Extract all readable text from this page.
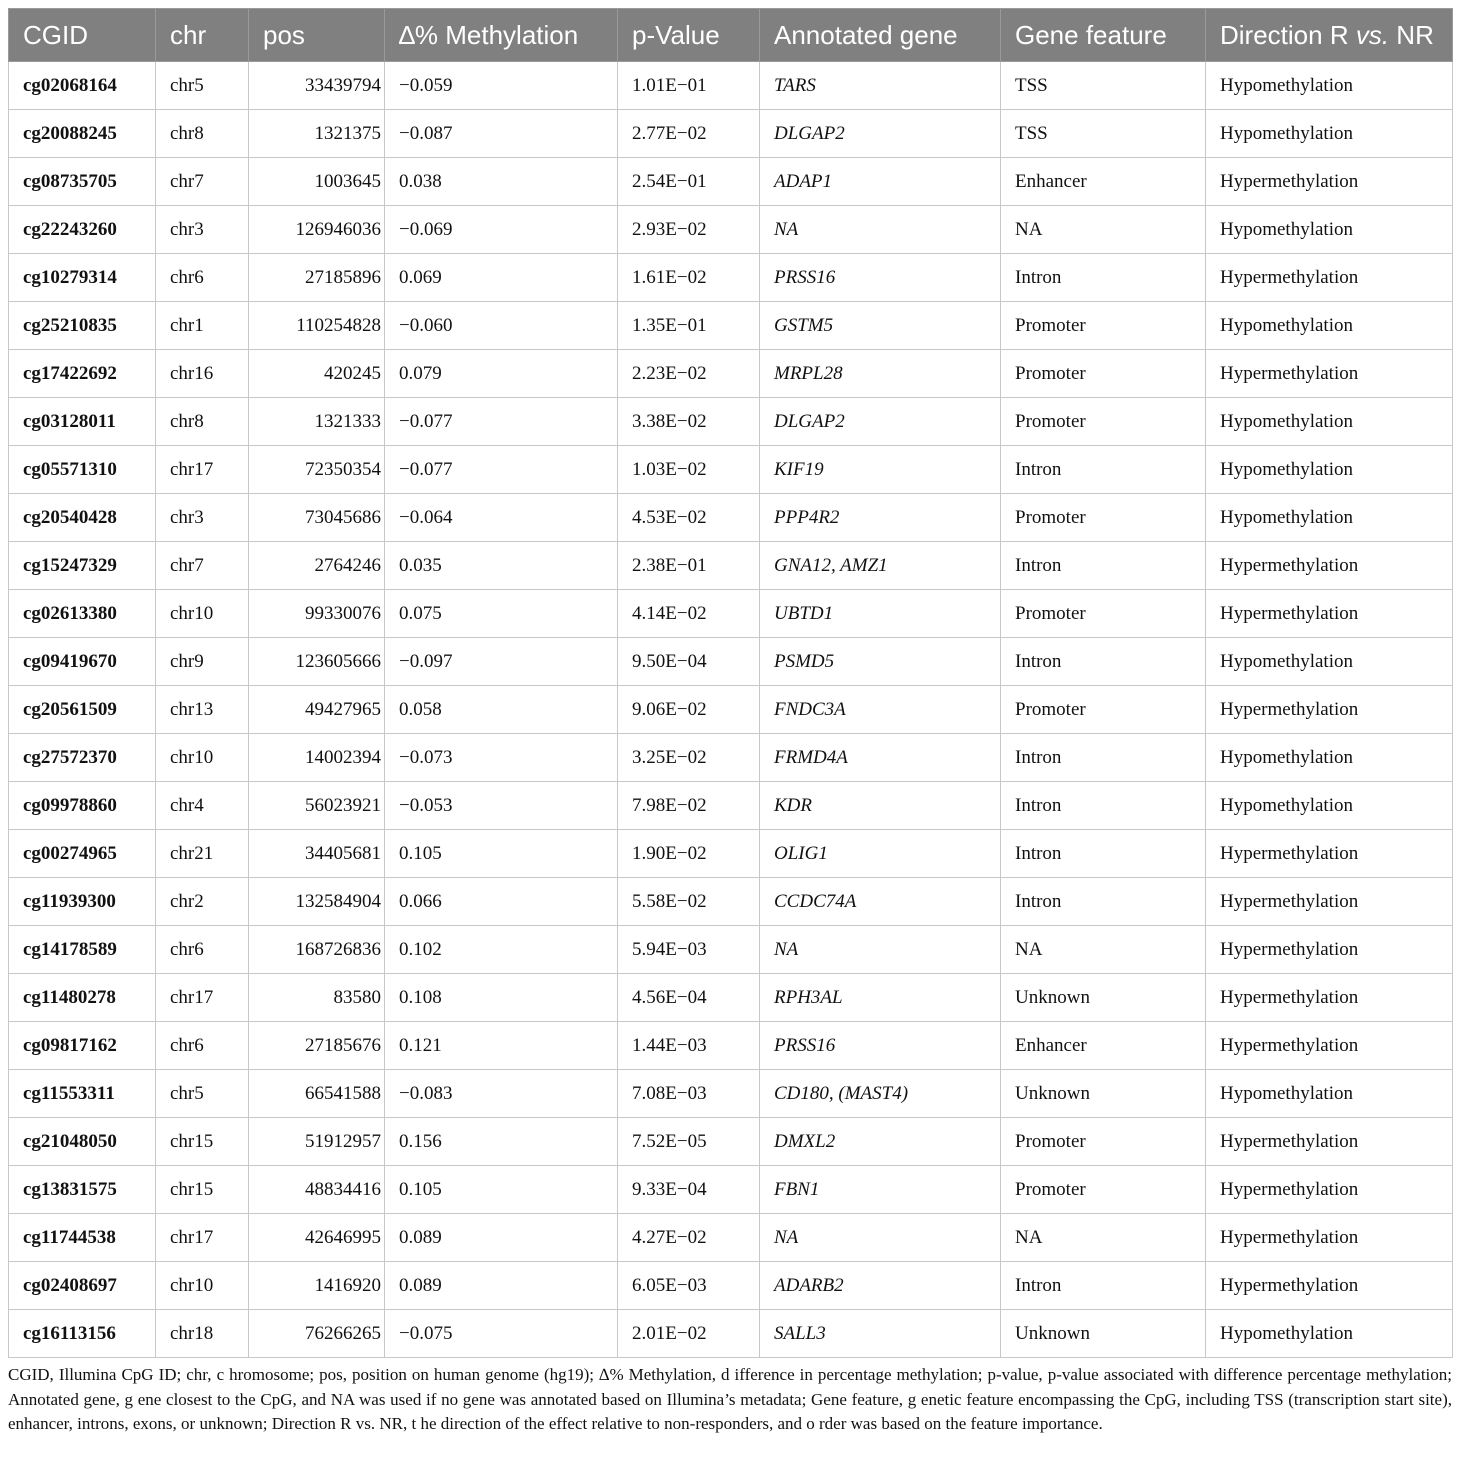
CGID	chr	pos	∆% Methylation	p-Value	Annotated gene	Gene feature	Direction R vs. NR
cg02068164	chr5	33439794	−0.059	1.01E−01	TARS	TSS	Hypomethylation
cg20088245	chr8	1321375	−0.087	2.77E−02	DLGAP2	TSS	Hypomethylation
cg08735705	chr7	1003645	0.038	2.54E−01	ADAP1	Enhancer	Hypermethylation
cg22243260	chr3	126946036	−0.069	2.93E−02	NA	NA	Hypomethylation
cg10279314	chr6	27185896	0.069	1.61E−02	PRSS16	Intron	Hypermethylation
cg25210835	chr1	110254828	−0.060	1.35E−01	GSTM5	Promoter	Hypomethylation
cg17422692	chr16	420245	0.079	2.23E−02	MRPL28	Promoter	Hypermethylation
cg03128011	chr8	1321333	−0.077	3.38E−02	DLGAP2	Promoter	Hypomethylation
cg05571310	chr17	72350354	−0.077	1.03E−02	KIF19	Intron	Hypomethylation
cg20540428	chr3	73045686	−0.064	4.53E−02	PPP4R2	Promoter	Hypomethylation
cg15247329	chr7	2764246	0.035	2.38E−01	GNA12, AMZ1	Intron	Hypermethylation
cg02613380	chr10	99330076	0.075	4.14E−02	UBTD1	Promoter	Hypermethylation
cg09419670	chr9	123605666	−0.097	9.50E−04	PSMD5	Intron	Hypomethylation
cg20561509	chr13	49427965	0.058	9.06E−02	FNDC3A	Promoter	Hypermethylation
cg27572370	chr10	14002394	−0.073	3.25E−02	FRMD4A	Intron	Hypomethylation
cg09978860	chr4	56023921	−0.053	7.98E−02	KDR	Intron	Hypomethylation
cg00274965	chr21	34405681	0.105	1.90E−02	OLIG1	Intron	Hypermethylation
cg11939300	chr2	132584904	0.066	5.58E−02	CCDC74A	Intron	Hypermethylation
cg14178589	chr6	168726836	0.102	5.94E−03	NA	NA	Hypermethylation
cg11480278	chr17	83580	0.108	4.56E−04	RPH3AL	Unknown	Hypermethylation
cg09817162	chr6	27185676	0.121	1.44E−03	PRSS16	Enhancer	Hypermethylation
cg11553311	chr5	66541588	−0.083	7.08E−03	CD180, (MAST4)	Unknown	Hypomethylation
cg21048050	chr15	51912957	0.156	7.52E−05	DMXL2	Promoter	Hypermethylation
cg13831575	chr15	48834416	0.105	9.33E−04	FBN1	Promoter	Hypermethylation
cg11744538	chr17	42646995	0.089	4.27E−02	NA	NA	Hypermethylation
cg02408697	chr10	1416920	0.089	6.05E−03	ADARB2	Intron	Hypermethylation
cg16113156	chr18	76266265	−0.075	2.01E−02	SALL3	Unknown	Hypomethylation
CGID, Illumina CpG ID; chr, c hromosome; pos, position on human genome (hg19); ∆% Methylation, d ifference in percentage methylation; p-value, p-value associated with difference percentage methylation; Annotated gene, g ene closest to the CpG, and NA was used if no gene was annotated based on Illumina’s metadata; Gene feature, g enetic feature encompassing the CpG, including TSS (transcription start site), enhancer, introns, exons, or unknown; Direction R vs. NR, t he direction of the effect relative to non-responders, and o rder was based on the feature importance.
